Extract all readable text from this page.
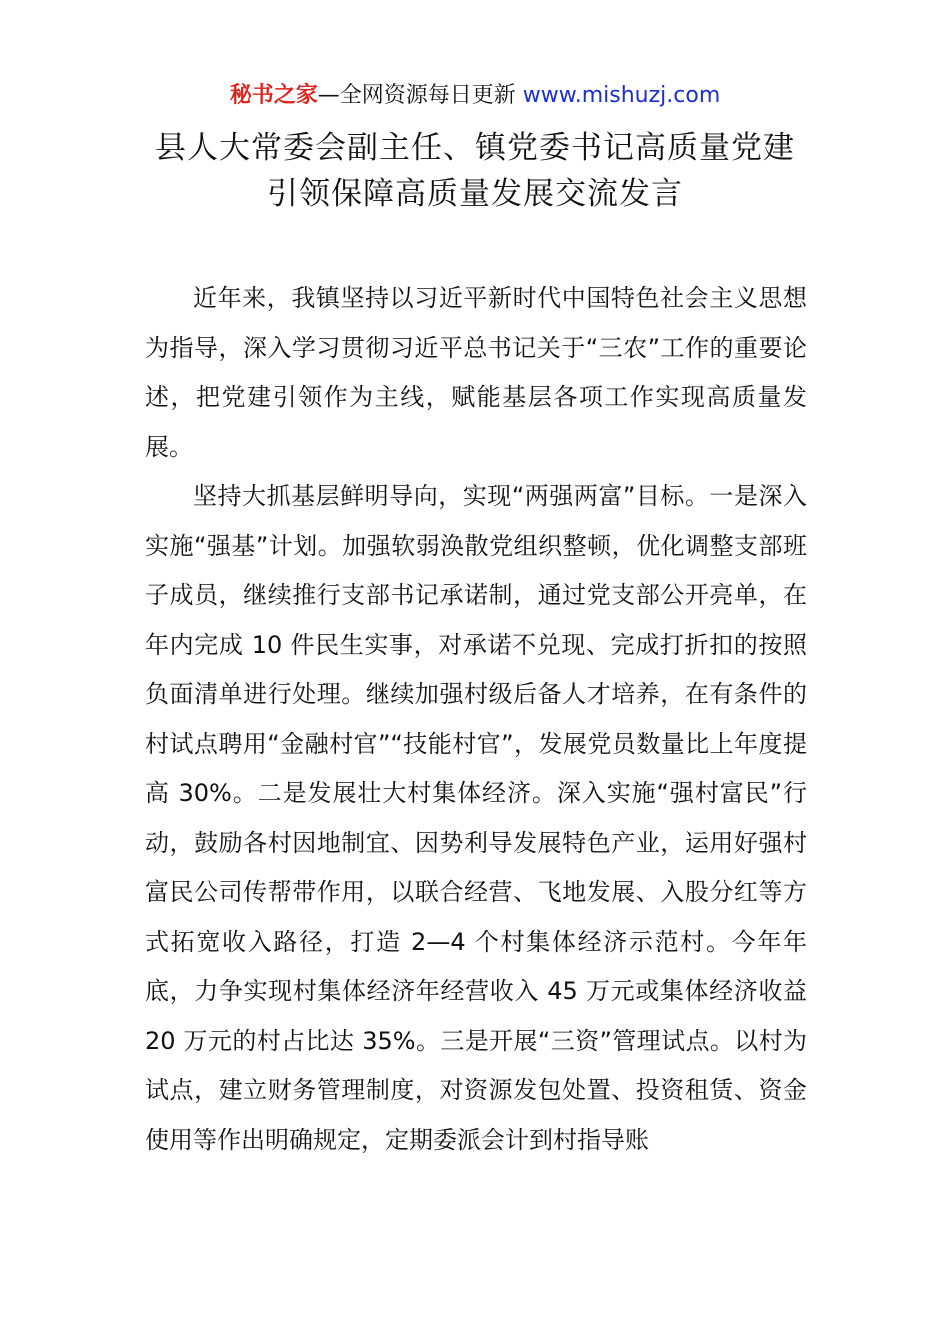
秘书之家—全网资源每日更新 www.mishuzj.com
县人大常委会副主任、镇党委书记高质量党建
引领保障高质量发展交流发言

近年来，我镇坚持以习近平新时代中国特色社会主义思想为指导，深入学习贯彻习近平总书记关于“三农”工作的重要论述，把党建引领作为主线，赋能基层各项工作实现高质量发展。

坚持大抓基层鲜明导向，实现“两强两富”目标。一是深入实施“强基”计划。加强软弱涣散党组织整顿，优化调整支部班子成员，继续推行支部书记承诺制，通过党支部公开亮单，在年内完成 10 件民生实事，对承诺不兑现、完成打折扣的按照负面清单进行处理。继续加强村级后备人才培养，在有条件的村试点聘用“金融村官”“技能村官”，发展党员数量比上年度提高 30%。二是发展壮大村集体经济。深入实施“强村富民”行动，鼓励各村因地制宜、因势利导发展特色产业，运用好强村富民公司传帮带作用，以联合经营、飞地发展、入股分红等方式拓宽收入路径，打造 2—4 个村集体经济示范村。今年年底，力争实现村集体经济年经营收入 45 万元或集体经济收益 20 万元的村占比达 35%。三是开展“三资”管理试点。以村为试点，建立财务管理制度，对资源发包处置、投资租赁、资金使用等作出明确规定，定期委派会计到村指导账
